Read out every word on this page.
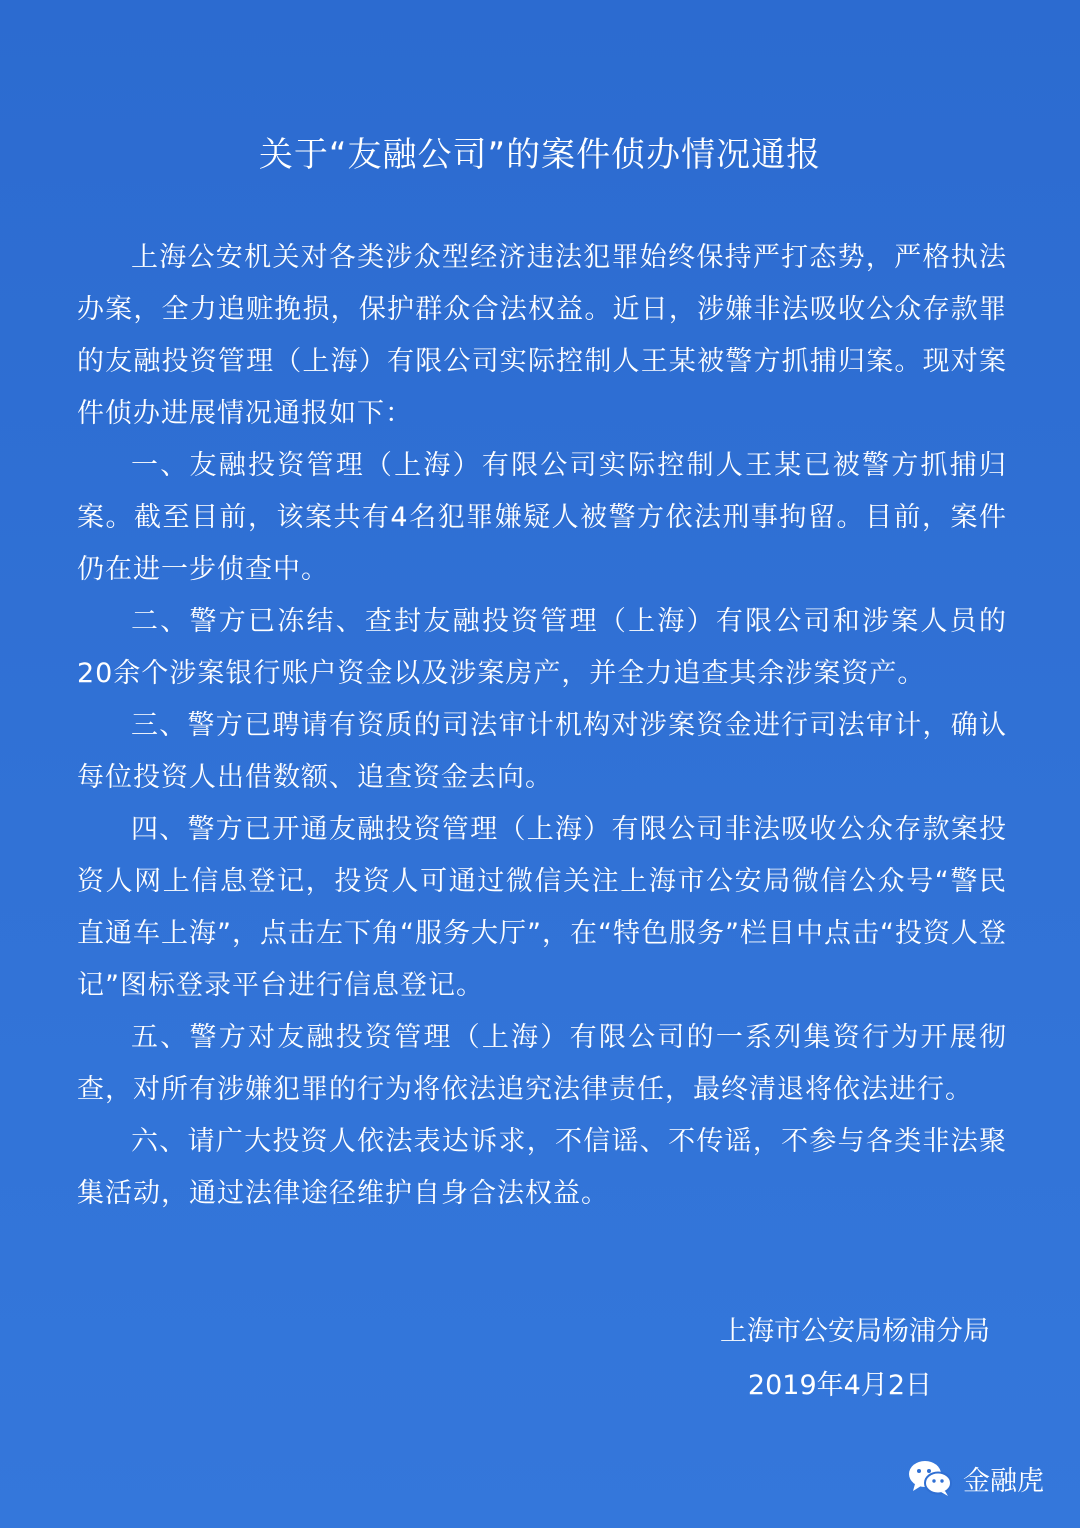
关于“友融公司”的案件侦办情况通报

上海公安机关对各类涉众型经济违法犯罪始终保持严打态势，严格执法办案，全力追赃挽损，保护群众合法权益。近日，涉嫌非法吸收公众存款罪的友融投资管理（上海）有限公司实际控制人王某被警方抓捕归案。现对案件侦办进展情况通报如下：

一、友融投资管理（上海）有限公司实际控制人王某已被警方抓捕归案。截至目前，该案共有4名犯罪嫌疑人被警方依法刑事拘留。目前，案件仍在进一步侦查中。

二、警方已冻结、查封友融投资管理（上海）有限公司和涉案人员的20余个涉案银行账户资金以及涉案房产，并全力追查其余涉案资产。

三、警方已聘请有资质的司法审计机构对涉案资金进行司法审计，确认每位投资人出借数额、追查资金去向。

四、警方已开通友融投资管理（上海）有限公司非法吸收公众存款案投资人网上信息登记，投资人可通过微信关注上海市公安局微信公众号“警民直通车上海”，点击左下角“服务大厅”，在“特色服务”栏目中点击“投资人登记”图标登录平台进行信息登记。

五、警方对友融投资管理（上海）有限公司的一系列集资行为开展彻查，对所有涉嫌犯罪的行为将依法追究法律责任，最终清退将依法进行。

六、请广大投资人依法表达诉求，不信谣、不传谣，不参与各类非法聚集活动，通过法律途径维护自身合法权益。

上海市公安局杨浦分局
2019年4月2日
金融虎
